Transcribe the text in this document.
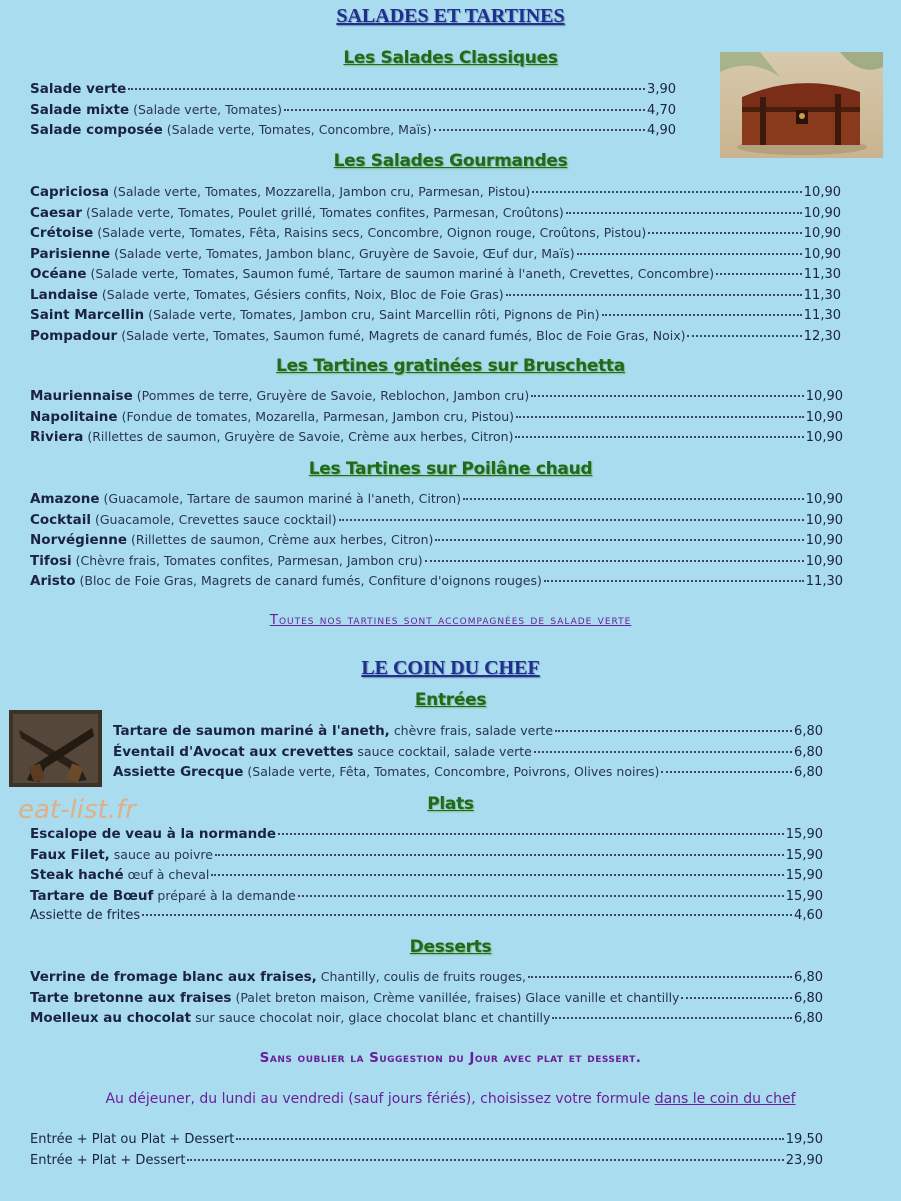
SALADES ET TARTINES
Les Salades Classiques
Salade verte	3,90
Salade mixte (Salade verte, Tomates)	4,70
Salade composée (Salade verte, Tomates, Concombre, Maïs)	4,90
Les Salades Gourmandes
Capriciosa (Salade verte, Tomates, Mozzarella, Jambon cru, Parmesan, Pistou)	10,90
Caesar (Salade verte, Tomates, Poulet grillé, Tomates confites, Parmesan, Croûtons)	10,90
Crétoise (Salade verte, Tomates, Fêta, Raisins secs, Concombre, Oignon rouge, Croûtons, Pistou)	10,90
Parisienne (Salade verte, Tomates, Jambon blanc, Gruyère de Savoie, Œuf dur, Maïs)	10,90
Océane (Salade verte, Tomates, Saumon fumé, Tartare de saumon mariné à l'aneth, Crevettes, Concombre)	11,30
Landaise (Salade verte, Tomates, Gésiers confits, Noix, Bloc de Foie Gras)	11,30
Saint Marcellin (Salade verte, Tomates, Jambon cru, Saint Marcellin rôti, Pignons de Pin)	11,30
Pompadour (Salade verte, Tomates, Saumon fumé, Magrets de canard fumés, Bloc de Foie Gras, Noix)	12,30
Les Tartines gratinées sur Bruschetta
Mauriennaise (Pommes de terre, Gruyère de Savoie, Reblochon, Jambon cru)	10,90
Napolitaine (Fondue de tomates, Mozarella, Parmesan, Jambon cru, Pistou)	10,90
Riviera (Rillettes de saumon, Gruyère de Savoie, Crème aux herbes, Citron)	10,90
Les Tartines sur Poilâne chaud
Amazone (Guacamole, Tartare de saumon mariné à l'aneth, Citron)	10,90
Cocktail (Guacamole, Crevettes sauce cocktail)	10,90
Norvégienne (Rillettes de saumon, Crème aux herbes, Citron)	10,90
Tifosi (Chèvre frais, Tomates confites, Parmesan, Jambon cru)	10,90
Aristo (Bloc de Foie Gras, Magrets de canard fumés, Confiture d'oignons rouges)	11,30
Toutes nos tartines sont accompagnées de salade verte
LE COIN DU CHEF
Entrées
Tartare de saumon mariné à l'aneth, chèvre frais, salade verte	6,80
Éventail d'Avocat aux crevettes sauce cocktail, salade verte	6,80
Assiette Grecque (Salade verte, Fêta, Tomates, Concombre, Poivrons, Olives noires)	6,80
eat-list.fr	Plats
Escalope de veau à la normande	15,90
Faux Filet, sauce au poivre	15,90
Steak haché œuf à cheval	15,90
Tartare de Bœuf préparé à la demande	15,90
Assiette de frites	4,60
Desserts
Verrine de fromage blanc aux fraises, Chantilly, coulis de fruits rouges,	6,80
Tarte bretonne aux fraises (Palet breton maison, Crème vanillée, fraises) Glace vanille et chantilly	6,80
Moelleux au chocolat sur sauce chocolat noir, glace chocolat blanc et chantilly	6,80
Sans oublier la Suggestion du Jour avec plat et dessert.
Au déjeuner, du lundi au vendredi (sauf jours fériés), choisissez votre formule dans le coin du chef
Entrée + Plat ou Plat + Dessert	19,50
Entrée + Plat + Dessert	23,90
